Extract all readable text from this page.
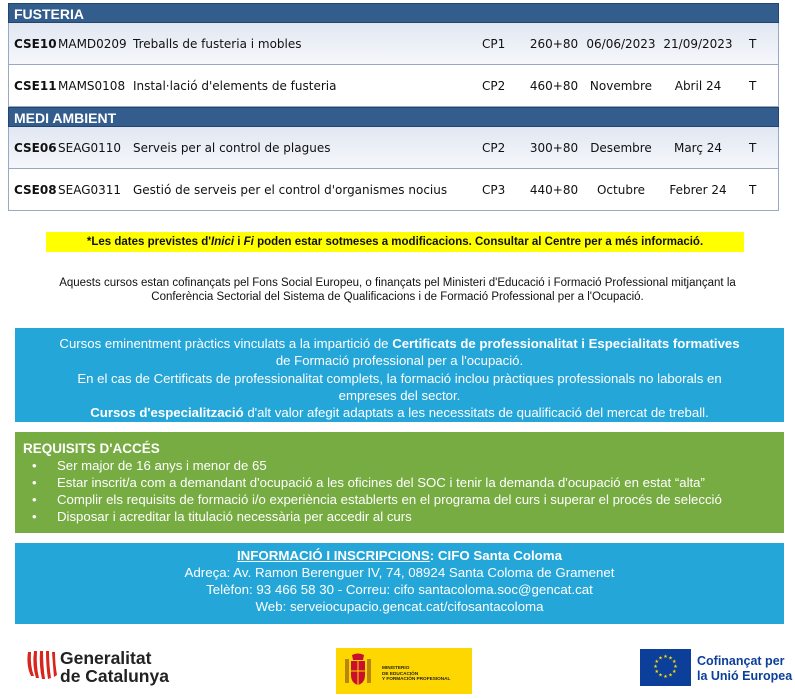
FUSTERIA
CSE10 MAMD0209 Treballs de fusteria i mobles	CP1	260+80 06/06/2023 21/09/2023 T
CSE11 MAMS0108 Instal·lació d'elements de fusteria	CP2	460+80 Novembre	Abril 24	T
MEDI AMBIENT
CSE06 SEAG0110 Serveis per al control de plagues	CP2	300+80	Desembre	Març 24	T
CSE08 SEAG0311 Gestió de serveis per el control d'organismes nocius	CP3	440+80	Octubre	Febrer 24	T
*Les dates previstes d'Inici i Fi poden estar sotmeses a modificacions. Consultar al Centre per a més informació.
Aquests cursos estan cofinançats pel Fons Social Europeu, o finançats pel Ministeri d'Educació i Formació Professional mitjançant la
Conferència Sectorial del Sistema de Qualificacions i de Formació Professional per a l'Ocupació.
Cursos eminentment pràctics vinculats a la impartició de Certificats de professionalitat i Especialitats formatives
de Formació professional per a l'ocupació.
En el cas de Certificats de professionalitat complets, la formació inclou pràctiques professionals no laborals en
empreses del sector.
Cursos d'especialització d'alt valor afegit adaptats a les necessitats de qualificació del mercat de treball.
REQUISITS D'ACCÉS
• Ser major de 16 anys i menor de 65
• Estar inscrit/a com a demandant d'ocupació a les oficines del SOC i tenir la demanda d'ocupació en estat “alta”
• Complir els requisits de formació i/o experiència establerts en el programa del curs i superar el procés de selecció
• Disposar i acreditar la titulació necessària per accedir al curs
INFORMACIÓ I INSCRIPCIONS: CIFO Santa Coloma
Adreça: Av. Ramon Berenguer IV, 74, 08924 Santa Coloma de Gramenet
Telèfon: 93 466 58 30 - Correu: cifo santacoloma.soc@gencat.cat
Web: serveiocupacio.gencat.cat/cifosantacoloma
Generalitat
de Catalunya	MINISTERIO
DE EDUCACIÓN
Y FORMACIÓN PROFESIONAL
★ ★
★
★
★
★
★
★
★
★
★
★	Cofinançat per
la Unió Europea
